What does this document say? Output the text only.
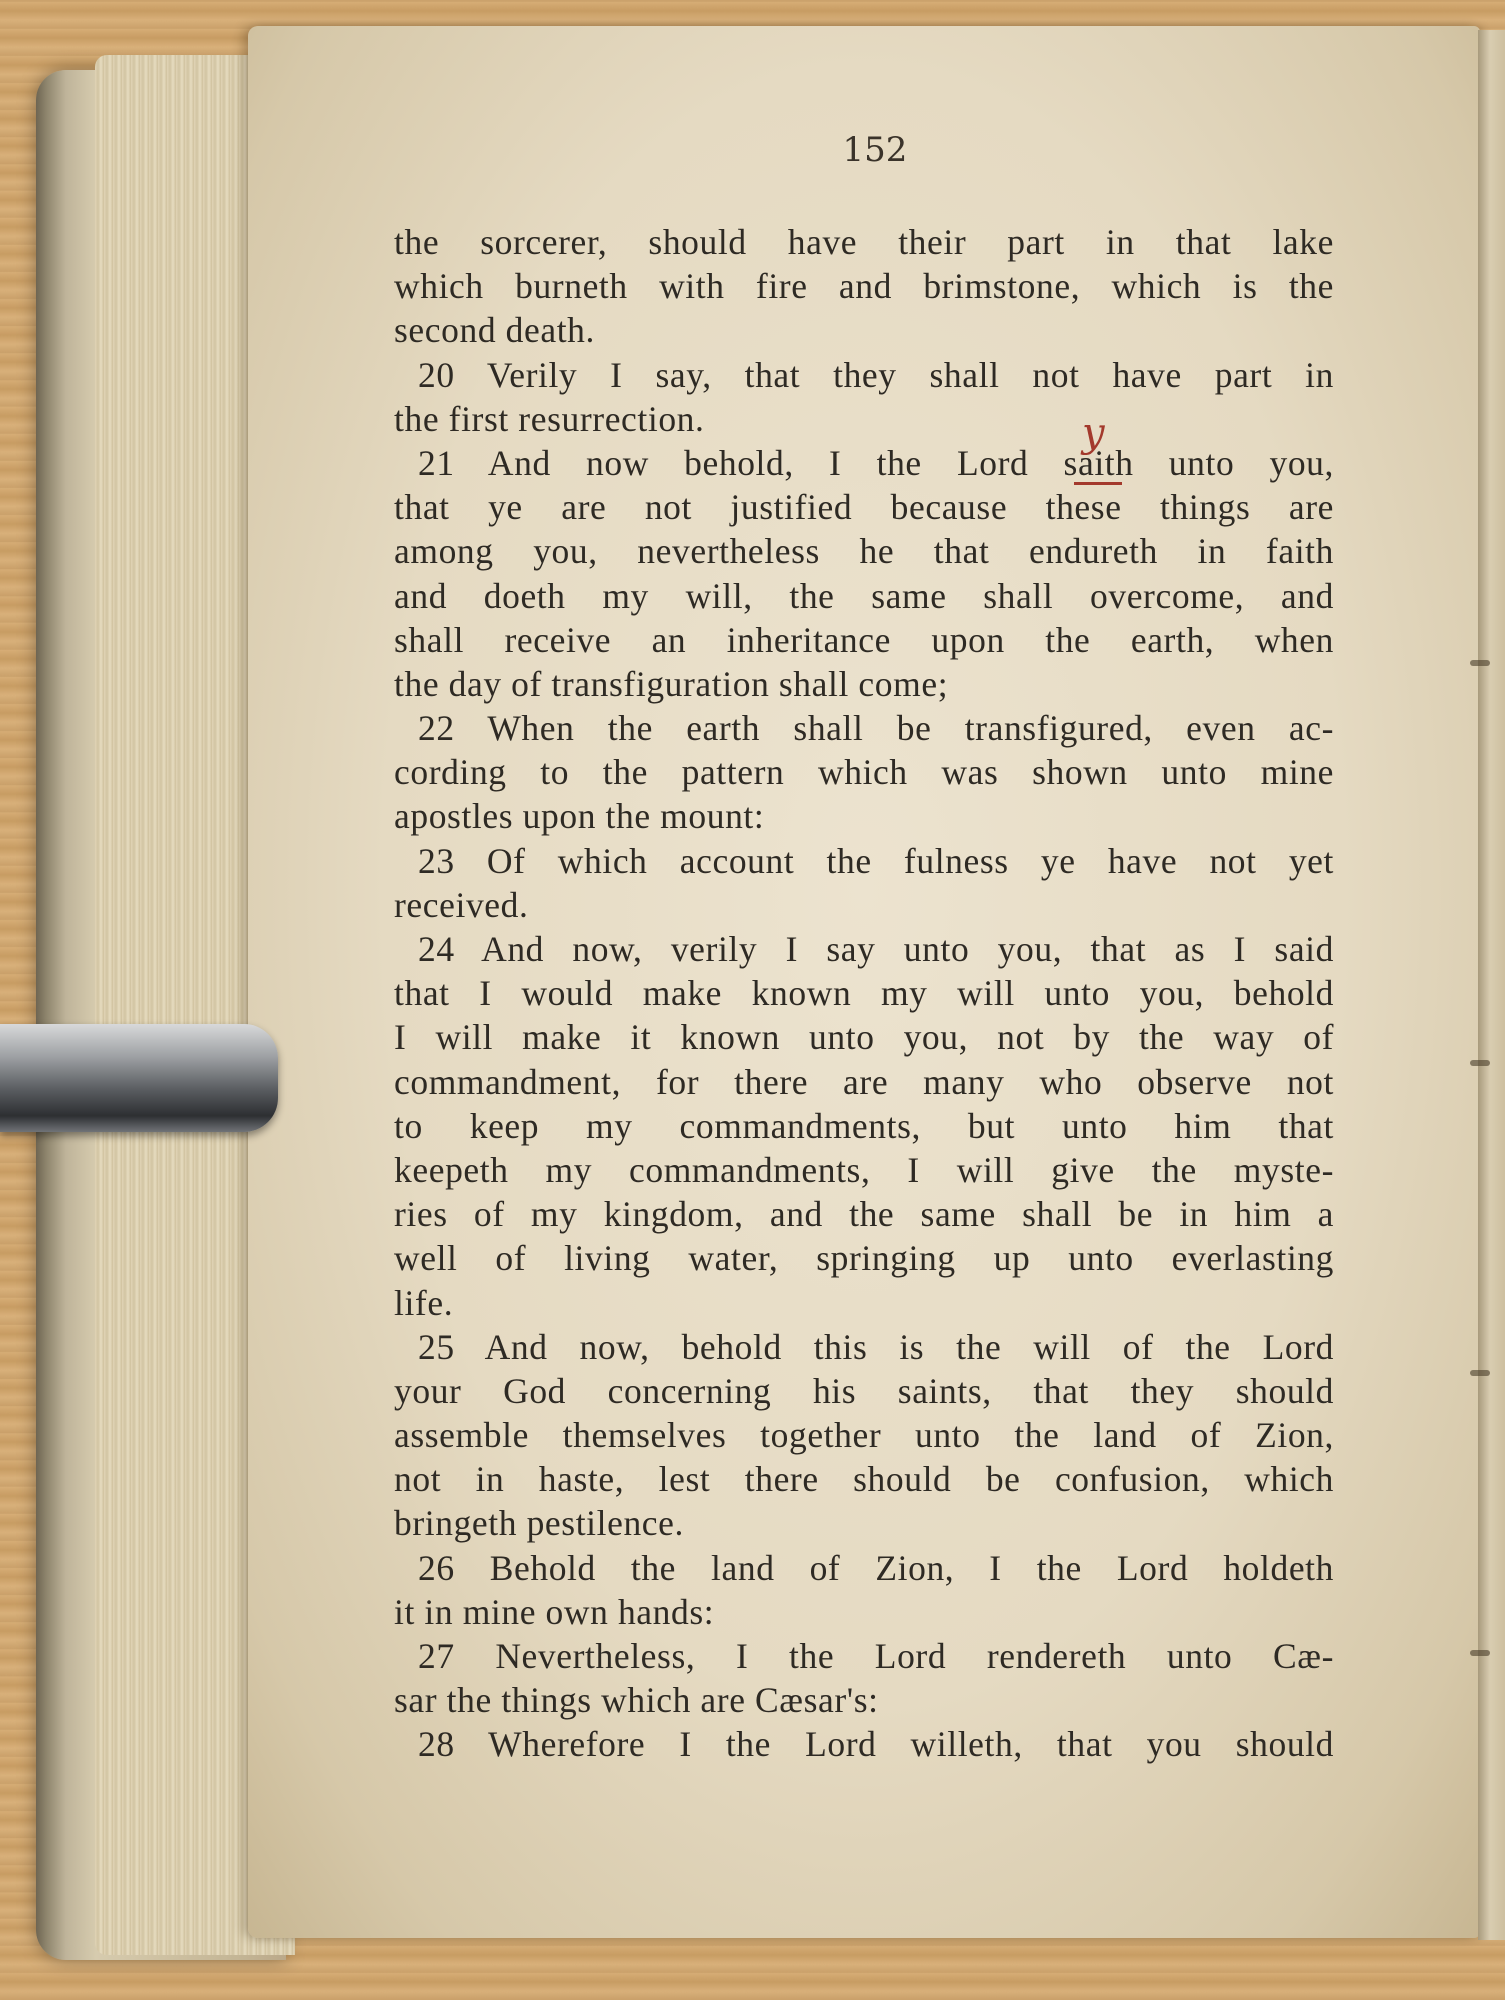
152
y
the sorcerer, should have their part in that lake
which burneth with fire and brimstone, which is the
second death.
20 Verily I say, that they shall not have part in
the first resurrection.
21 And now behold, I the Lord saith unto you,
that ye are not justified because these things are
among you, nevertheless he that endureth in faith
and doeth my will, the same shall overcome, and
shall receive an inheritance upon the earth, when
the day of transfiguration shall come;
22 When the earth shall be transfigured, even ac-
cording to the pattern which was shown unto mine
apostles upon the mount:
23 Of which account the fulness ye have not yet
received.
24 And now, verily I say unto you, that as I said
that I would make known my will unto you, behold
I will make it known unto you, not by the way of
commandment, for there are many who observe not
to keep my commandments, but unto him that
keepeth my commandments, I will give the myste-
ries of my kingdom, and the same shall be in him a
well of living water, springing up unto everlasting
life.
25 And now, behold this is the will of the Lord
your God concerning his saints, that they should
assemble themselves together unto the land of Zion,
not in haste, lest there should be confusion, which
bringeth pestilence.
26 Behold the land of Zion, I the Lord holdeth
it in mine own hands:
27 Nevertheless, I the Lord rendereth unto Cæ-
sar the things which are Cæsar's:
28 Wherefore I the Lord willeth, that you should
